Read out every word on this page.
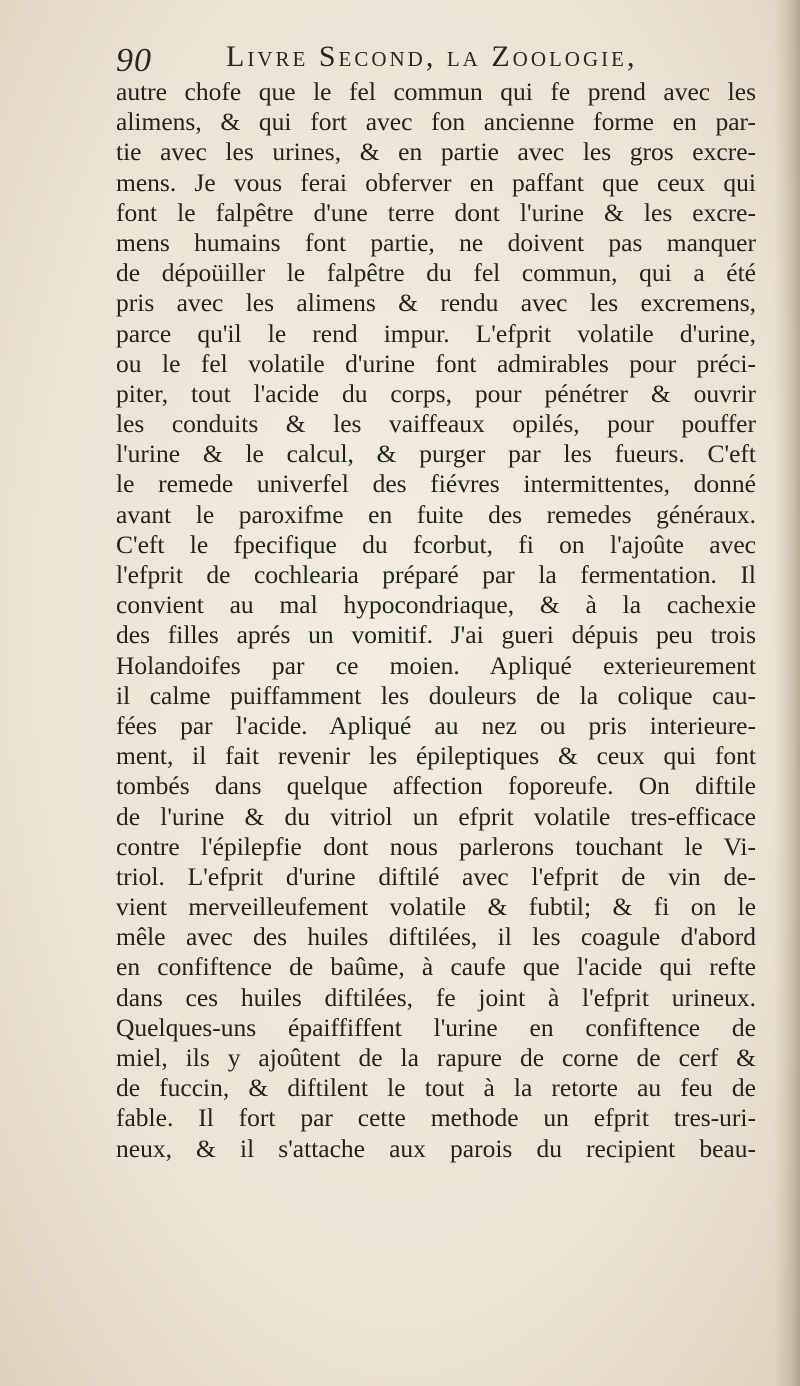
90 Livre Second, la Zoologie,
autre chofe que le fel commun qui fe prend avec les
alimens, & qui fort avec fon ancienne forme en par-
tie avec les urines, & en partie avec les gros excre-
mens. Je vous ferai obferver en paffant que ceux qui
font le falpêtre d'une terre dont l'urine & les excre-
mens humains font partie, ne doivent pas manquer
de dépoüiller le falpêtre du fel commun, qui a été
pris avec les alimens & rendu avec les excremens,
parce qu'il le rend impur. L'efprit volatile d'urine,
ou le fel volatile d'urine font admirables pour préci-
piter, tout l'acide du corps, pour pénétrer & ouvrir
les conduits & les vaiffeaux opilés, pour pouffer
l'urine & le calcul, & purger par les fueurs. C'eft
le remede univerfel des fiévres intermittentes, donné
avant le paroxifme en fuite des remedes généraux.
C'eft le fpecifique du fcorbut, fi on l'ajoûte avec
l'efprit de cochlearia préparé par la fermentation. Il
convient au mal hypocondriaque, & à la cachexie
des filles aprés un vomitif. J'ai gueri dépuis peu trois
Holandoifes par ce moien. Apliqué exterieurement
il calme puiffamment les douleurs de la colique cau-
fées par l'acide. Apliqué au nez ou pris interieure-
ment, il fait revenir les épileptiques & ceux qui font
tombés dans quelque affection foporeufe. On diftile
de l'urine & du vitriol un efprit volatile tres-efficace
contre l'épilepfie dont nous parlerons touchant le Vi-
triol. L'efprit d'urine diftilé avec l'efprit de vin de-
vient merveilleufement volatile & fubtil; & fi on le
mêle avec des huiles diftilées, il les coagule d'abord
en confiftence de baûme, à caufe que l'acide qui refte
dans ces huiles diftilées, fe joint à l'efprit urineux.
Quelques-uns épaiffiffent l'urine en confiftence de
miel, ils y ajoûtent de la rapure de corne de cerf &
de fuccin, & diftilent le tout à la retorte au feu de
fable. Il fort par cette methode un efprit tres-uri-
neux, & il s'attache aux parois du recipient beau-
